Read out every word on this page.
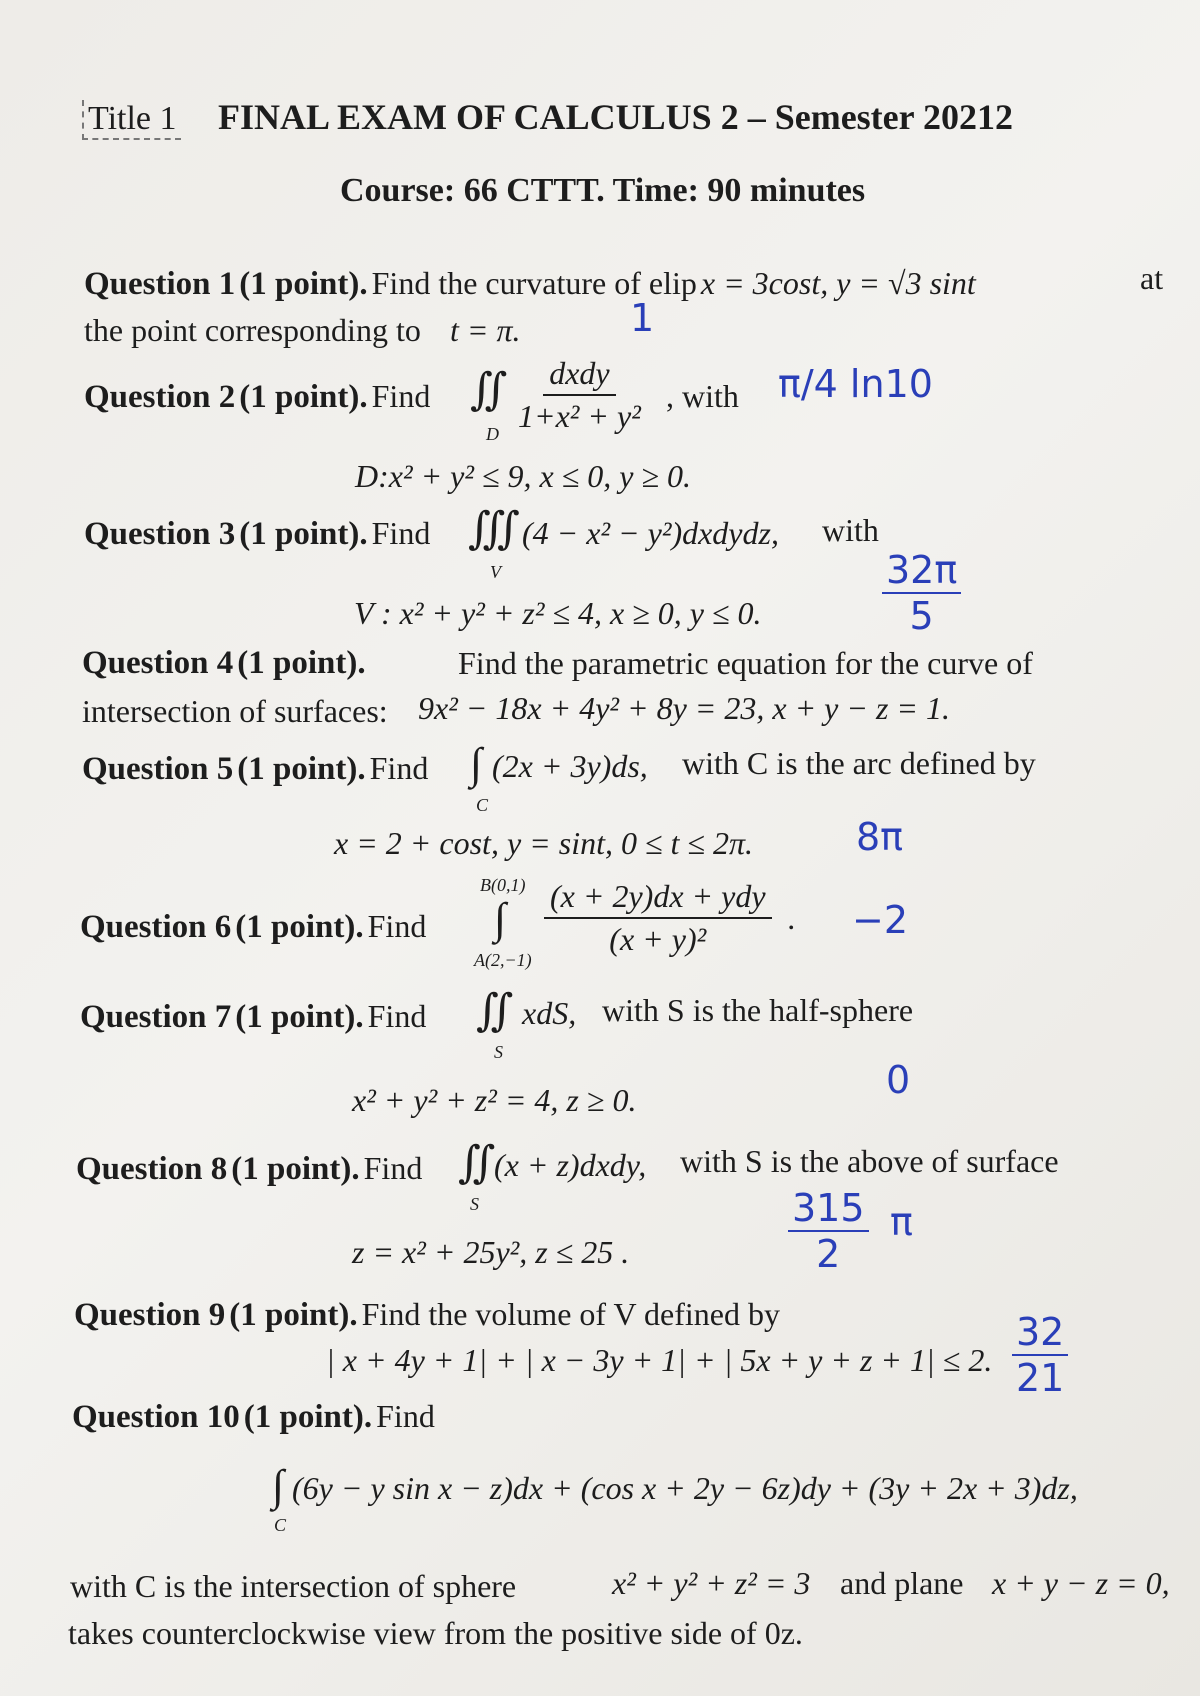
Title 1 FINAL EXAM OF CALCULUS 2 – Semester 20212
Course: 66 CTTT. Time: 90 minutes
Question 1 (1 point). Find the curvature of elip x = 3cost, y = √3 sint	at
the point corresponding to t = π.	1
Question 2 (1 point). Find ∬
D
dxdy
1+x² + y²
, with
D:x² + y² ≤ 9, x ≤ 0, y ≥ 0.
π/4 ln10
Question 3 (1 point). Find ∭
V
(4 − x² − y²)dxdydz, with
V : x² + y² + z² ≤ 4, x ≥ 0, y ≤ 0.	$\frac{32\pi}{5}$
Question 4 (1 point).	Find the parametric equation for the curve of
intersection of surfaces: 9x² − 18x + 4y² + 8y = 23, x + y − z = 1.
Question 5 (1 point). Find ∫
C
(2x + 3y)ds, with C is the arc defined by
x = 2 + cost, y = sint, 0 ≤ t ≤ 2π.	8π
Question 6 (1 point). Find
B(0,1)
∫
A(2,−1)
(x + 2y)dx + ydy
(x + y)²
. −2
Question 7 (1 point). Find ∬
S
xdS, with S is the half-sphere
x² + y² + z² = 4, z ≥ 0.	0
Question 8 (1 point). Find ∬
S
(x + z)dxdy, with S is the above of surface
z = x² + 25y², z ≤ 25 .	$\frac{315}{2}$ π
Question 9 (1 point). Find the volume of V defined by
| x + 4y + 1| + | x − 3y + 1| + | 5x + y + z + 1| ≤ 2. $\frac{32}{21}$
Question 10 (1 point). Find
∫
C
(6y − y sin x − z)dx + (cos x + 2y − 6z)dy + (3y + 2x + 3)dz,
with C is the intersection of sphere	x² + y² + z² = 3 and plane x + y − z = 0,
takes counterclockwise view from the positive side of 0z.
